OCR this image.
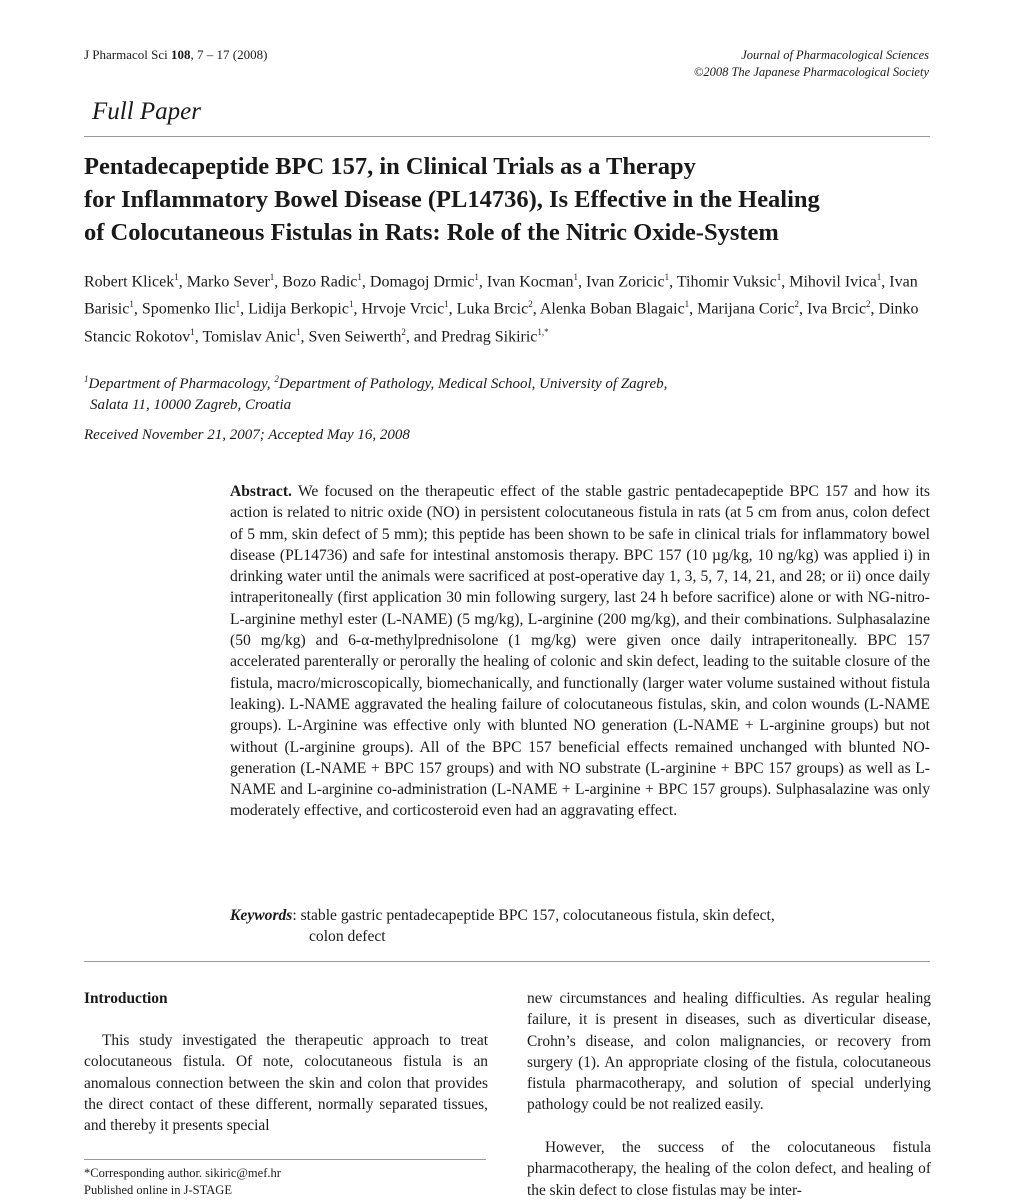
J Pharmacol Sci 108, 7 – 17 (2008)	Journal of Pharmacological Sciences
©2008 The Japanese Pharmacological Society
Full Paper
Pentadecapeptide BPC 157, in Clinical Trials as a Therapy
for Inflammatory Bowel Disease (PL14736), Is Effective in the Healing
of Colocutaneous Fistulas in Rats: Role of the Nitric Oxide-System
Robert Klicek$^1$, Marko Sever$^1$, Bozo Radic$^1$, Domagoj Drmic$^1$, Ivan Kocman$^1$, Ivan Zoricic$^1$, Tihomir Vuksic$^1$, Mihovil Ivica$^1$, Ivan Barisic$^1$, Spomenko Ilic$^1$, Lidija Berkopic$^1$, Hrvoje Vrcic$^1$, Luka Brcic$^2$, Alenka Boban Blagaic$^1$, Marijana Coric$^2$, Iva Brcic$^2$, Dinko Stancic Rokotov$^1$, Tomislav Anic$^1$, Sven Seiwerth$^2$, and Predrag Sikiric$^{1,*}$
$^1$Department of Pharmacology, $^2$Department of Pathology, Medical School, University of Zagreb,
Salata 11, 10000 Zagreb, Croatia
Received November 21, 2007; Accepted May 16, 2008
Abstract. We focused on the therapeutic effect of the stable gastric pentadecapeptide BPC 157 and how its action is related to nitric oxide (NO) in persistent colocutaneous fistula in rats (at 5 cm from anus, colon defect of 5 mm, skin defect of 5 mm); this peptide has been shown to be safe in clinical trials for inflammatory bowel disease (PL14736) and safe for intestinal anstomosis therapy. BPC 157 (10 µg/kg, 10 ng/kg) was applied i) in drinking water until the animals were sacrificed at post-operative day 1, 3, 5, 7, 14, 21, and 28; or ii) once daily intraperitoneally (first application 30 min following surgery, last 24 h before sacrifice) alone or with NG-nitro-L-arginine methyl ester (L-NAME) (5 mg/kg), L-arginine (200 mg/kg), and their combinations. Sulphasalazine (50 mg/kg) and 6-α-methylprednisolone (1 mg/kg) were given once daily intraperitoneally. BPC 157 accelerated parenterally or perorally the healing of colonic and skin defect, leading to the suitable closure of the fistula, macro/microscopically, biomechanically, and functionally (larger water volume sustained without fistula leaking). L-NAME aggravated the healing failure of colocutaneous fistulas, skin, and colon wounds (L-NAME groups). L-Arginine was effective only with blunted NO generation (L-NAME + L-arginine groups) but not without (L-arginine groups). All of the BPC 157 beneficial effects remained unchanged with blunted NO-generation (L-NAME + BPC 157 groups) and with NO substrate (L-arginine + BPC 157 groups) as well as L-NAME and L-arginine co-administration (L-NAME + L-arginine + BPC 157 groups). Sulphasalazine was only moderately effective, and corticosteroid even had an aggravating effect.
Keywords: stable gastric pentadecapeptide BPC 157, colocutaneous fistula, skin defect,
colon defect
Introduction
This study investigated the therapeutic approach to treat colocutaneous fistula. Of note, colocutaneous fistula is an anomalous connection between the skin and colon that provides the direct contact of these different, normally separated tissues, and thereby it presents special
new circumstances and healing difficulties. As regular healing failure, it is present in diseases, such as diverticular disease, Crohn’s disease, and colon malignancies, or recovery from surgery (1). An appropriate closing of the fistula, colocutaneous fistula pharmacotherapy, and solution of special underlying pathology could be not realized easily.
However, the success of the colocutaneous fistula pharmacotherapy, the healing of the colon defect, and healing of the skin defect to close fistulas may be inter-
*Corresponding author. sikiric@mef.hr
Published online in J-STAGE
